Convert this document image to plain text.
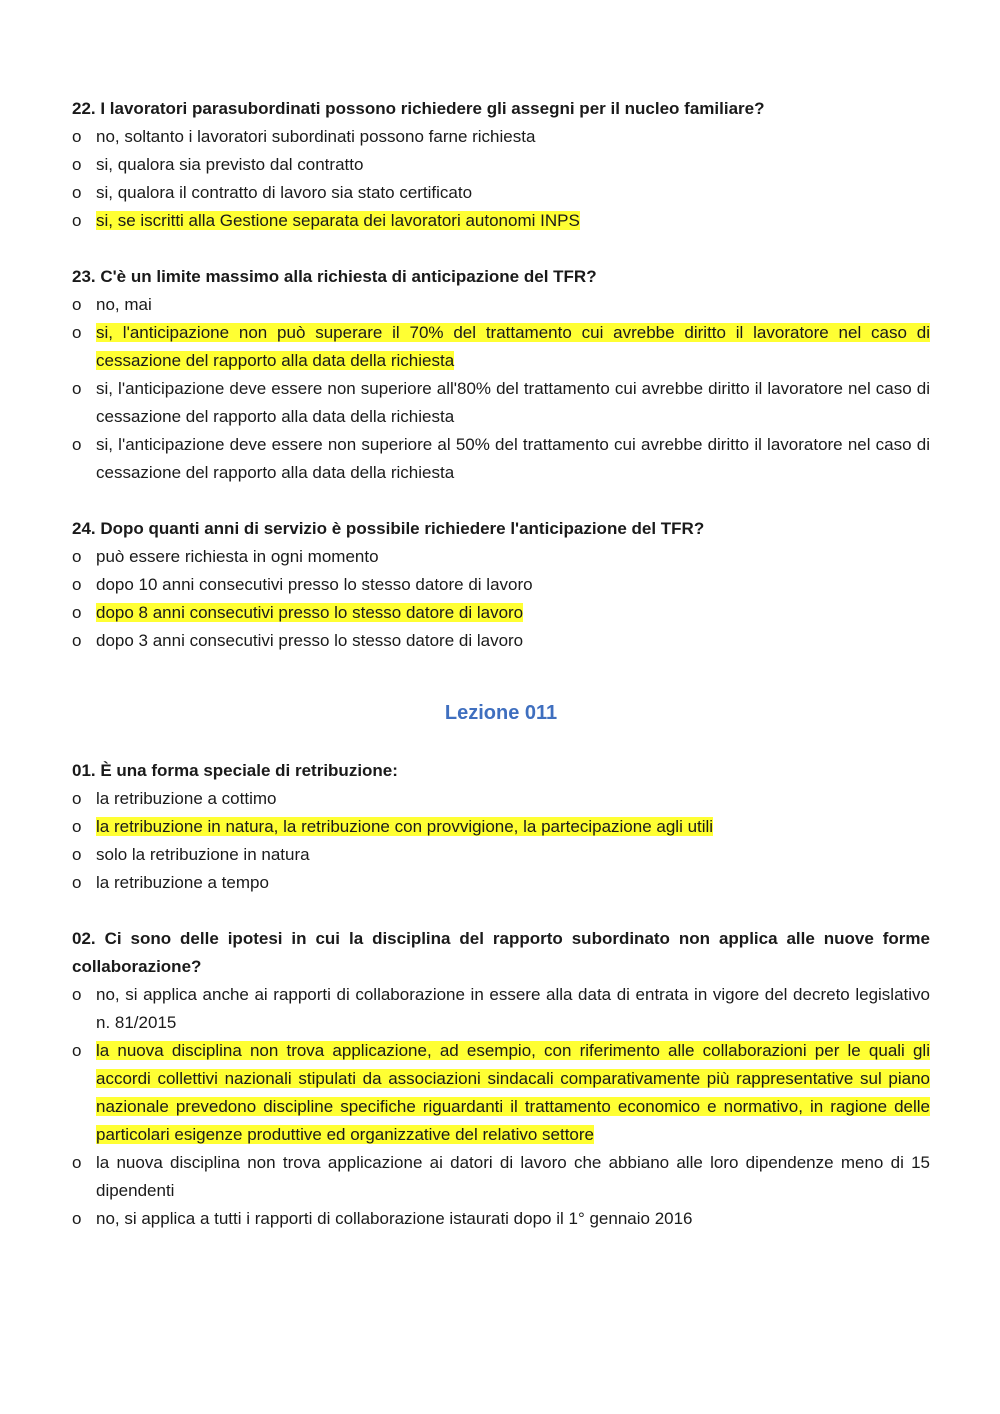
22. I lavoratori parasubordinati possono richiedere gli assegni per il nucleo familiare?
o no, soltanto i lavoratori subordinati possono farne richiesta
o si, qualora sia previsto dal contratto
o si, qualora il contratto di lavoro sia stato certificato
o si, se iscritti alla Gestione separata dei lavoratori autonomi INPS
23. C'è un limite massimo alla richiesta di anticipazione del TFR?
o no, mai
o si, l'anticipazione non può superare il 70% del trattamento cui avrebbe diritto il lavoratore nel caso di cessazione del rapporto alla data della richiesta
o si, l'anticipazione deve essere non superiore all'80% del trattamento cui avrebbe diritto il lavoratore nel caso di cessazione del rapporto alla data della richiesta
o si, l'anticipazione deve essere non superiore al 50% del trattamento cui avrebbe diritto il lavoratore nel caso di cessazione del rapporto alla data della richiesta
24. Dopo quanti anni di servizio è possibile richiedere l'anticipazione del TFR?
o può essere richiesta in ogni momento
o dopo 10 anni consecutivi presso lo stesso datore di lavoro
o dopo 8 anni consecutivi presso lo stesso datore di lavoro
o dopo 3 anni consecutivi presso lo stesso datore di lavoro
Lezione 011
01. È una forma speciale di retribuzione:
o la retribuzione a cottimo
o la retribuzione in natura, la retribuzione con provvigione, la partecipazione agli utili
o solo la retribuzione in natura
o la retribuzione a tempo
02. Ci sono delle ipotesi in cui la disciplina del rapporto subordinato non applica alle nuove forme collaborazione?
o no, si applica anche ai rapporti di collaborazione in essere alla data di entrata in vigore del decreto legislativo n. 81/2015
o la nuova disciplina non trova applicazione, ad esempio, con riferimento alle collaborazioni per le quali gli accordi collettivi nazionali stipulati da associazioni sindacali comparativamente più rappresentative sul piano nazionale prevedono discipline specifiche riguardanti il trattamento economico e normativo, in ragione delle particolari esigenze produttive ed organizzative del relativo settore
o la nuova disciplina non trova applicazione ai datori di lavoro che abbiano alle loro dipendenze meno di 15 dipendenti
o no, si applica a tutti i rapporti di collaborazione istaurati dopo il 1° gennaio 2016
